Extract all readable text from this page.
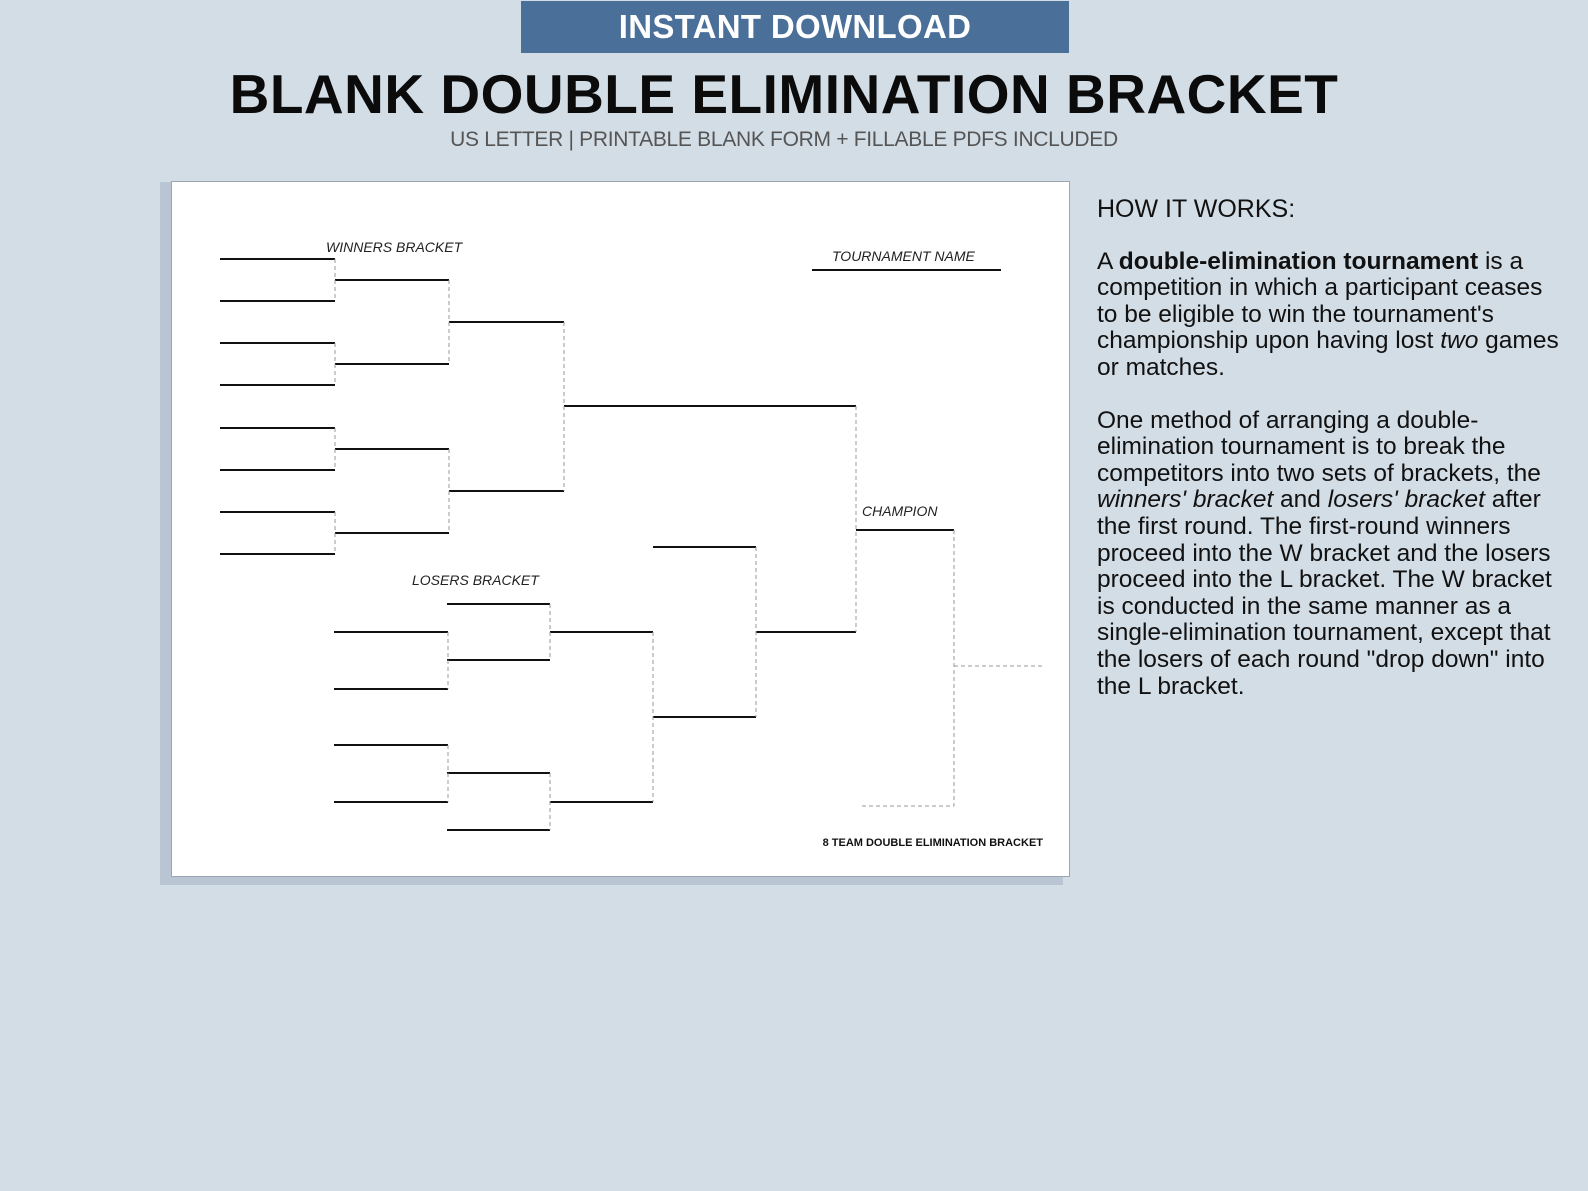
INSTANT DOWNLOAD
BLANK DOUBLE ELIMINATION BRACKET
US LETTER | PRINTABLE BLANK FORM + FILLABLE PDFS INCLUDED
WINNERS BRACKET
LOSERS BRACKET
TOURNAMENT NAME
CHAMPION
8 TEAM DOUBLE ELIMINATION BRACKET
HOW IT WORKS:

A double-elimination tournament is a competition in which a participant ceases to be eligible to win the tournament's championship upon having lost two games or matches.

One method of arranging a double-elimination tournament is to break the competitors into two sets of brackets, the winners' bracket and losers' bracket after the first round. The first-round winners proceed into the W bracket and the losers proceed into the L bracket. The W bracket is conducted in the same manner as a single-elimination tournament, except that the losers of each round "drop down" into the L bracket.
